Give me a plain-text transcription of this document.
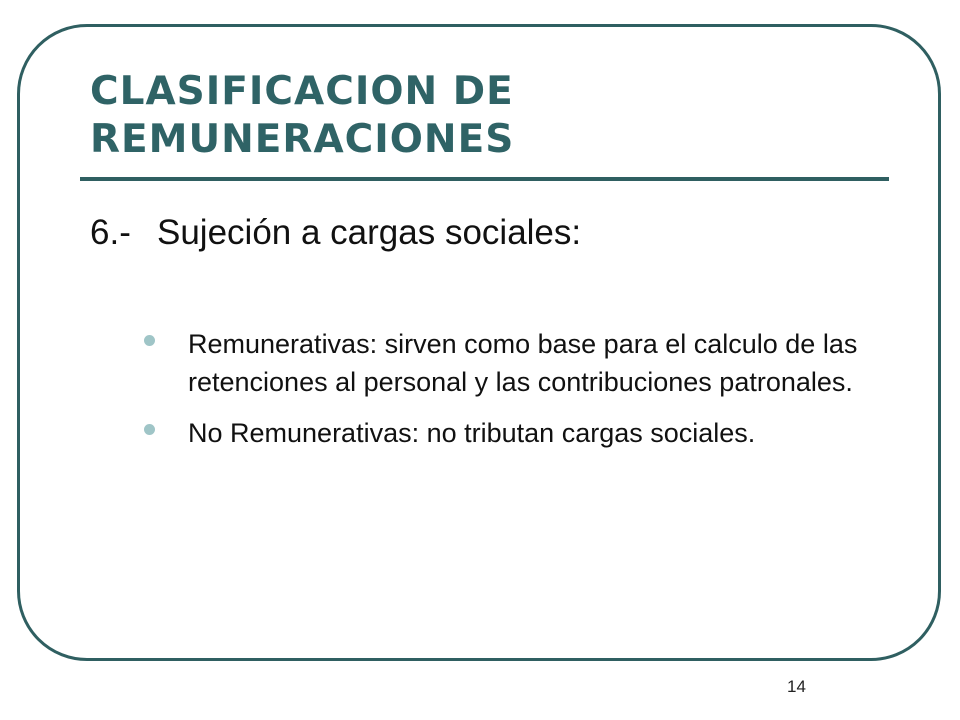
CLASIFICACION DE
REMUNERACIONES
6.- Sujeción a cargas sociales:
Remunerativas: sirven como base para el calculo de las retenciones al personal y las contribuciones patronales.
No Remunerativas: no tributan cargas sociales.
14
